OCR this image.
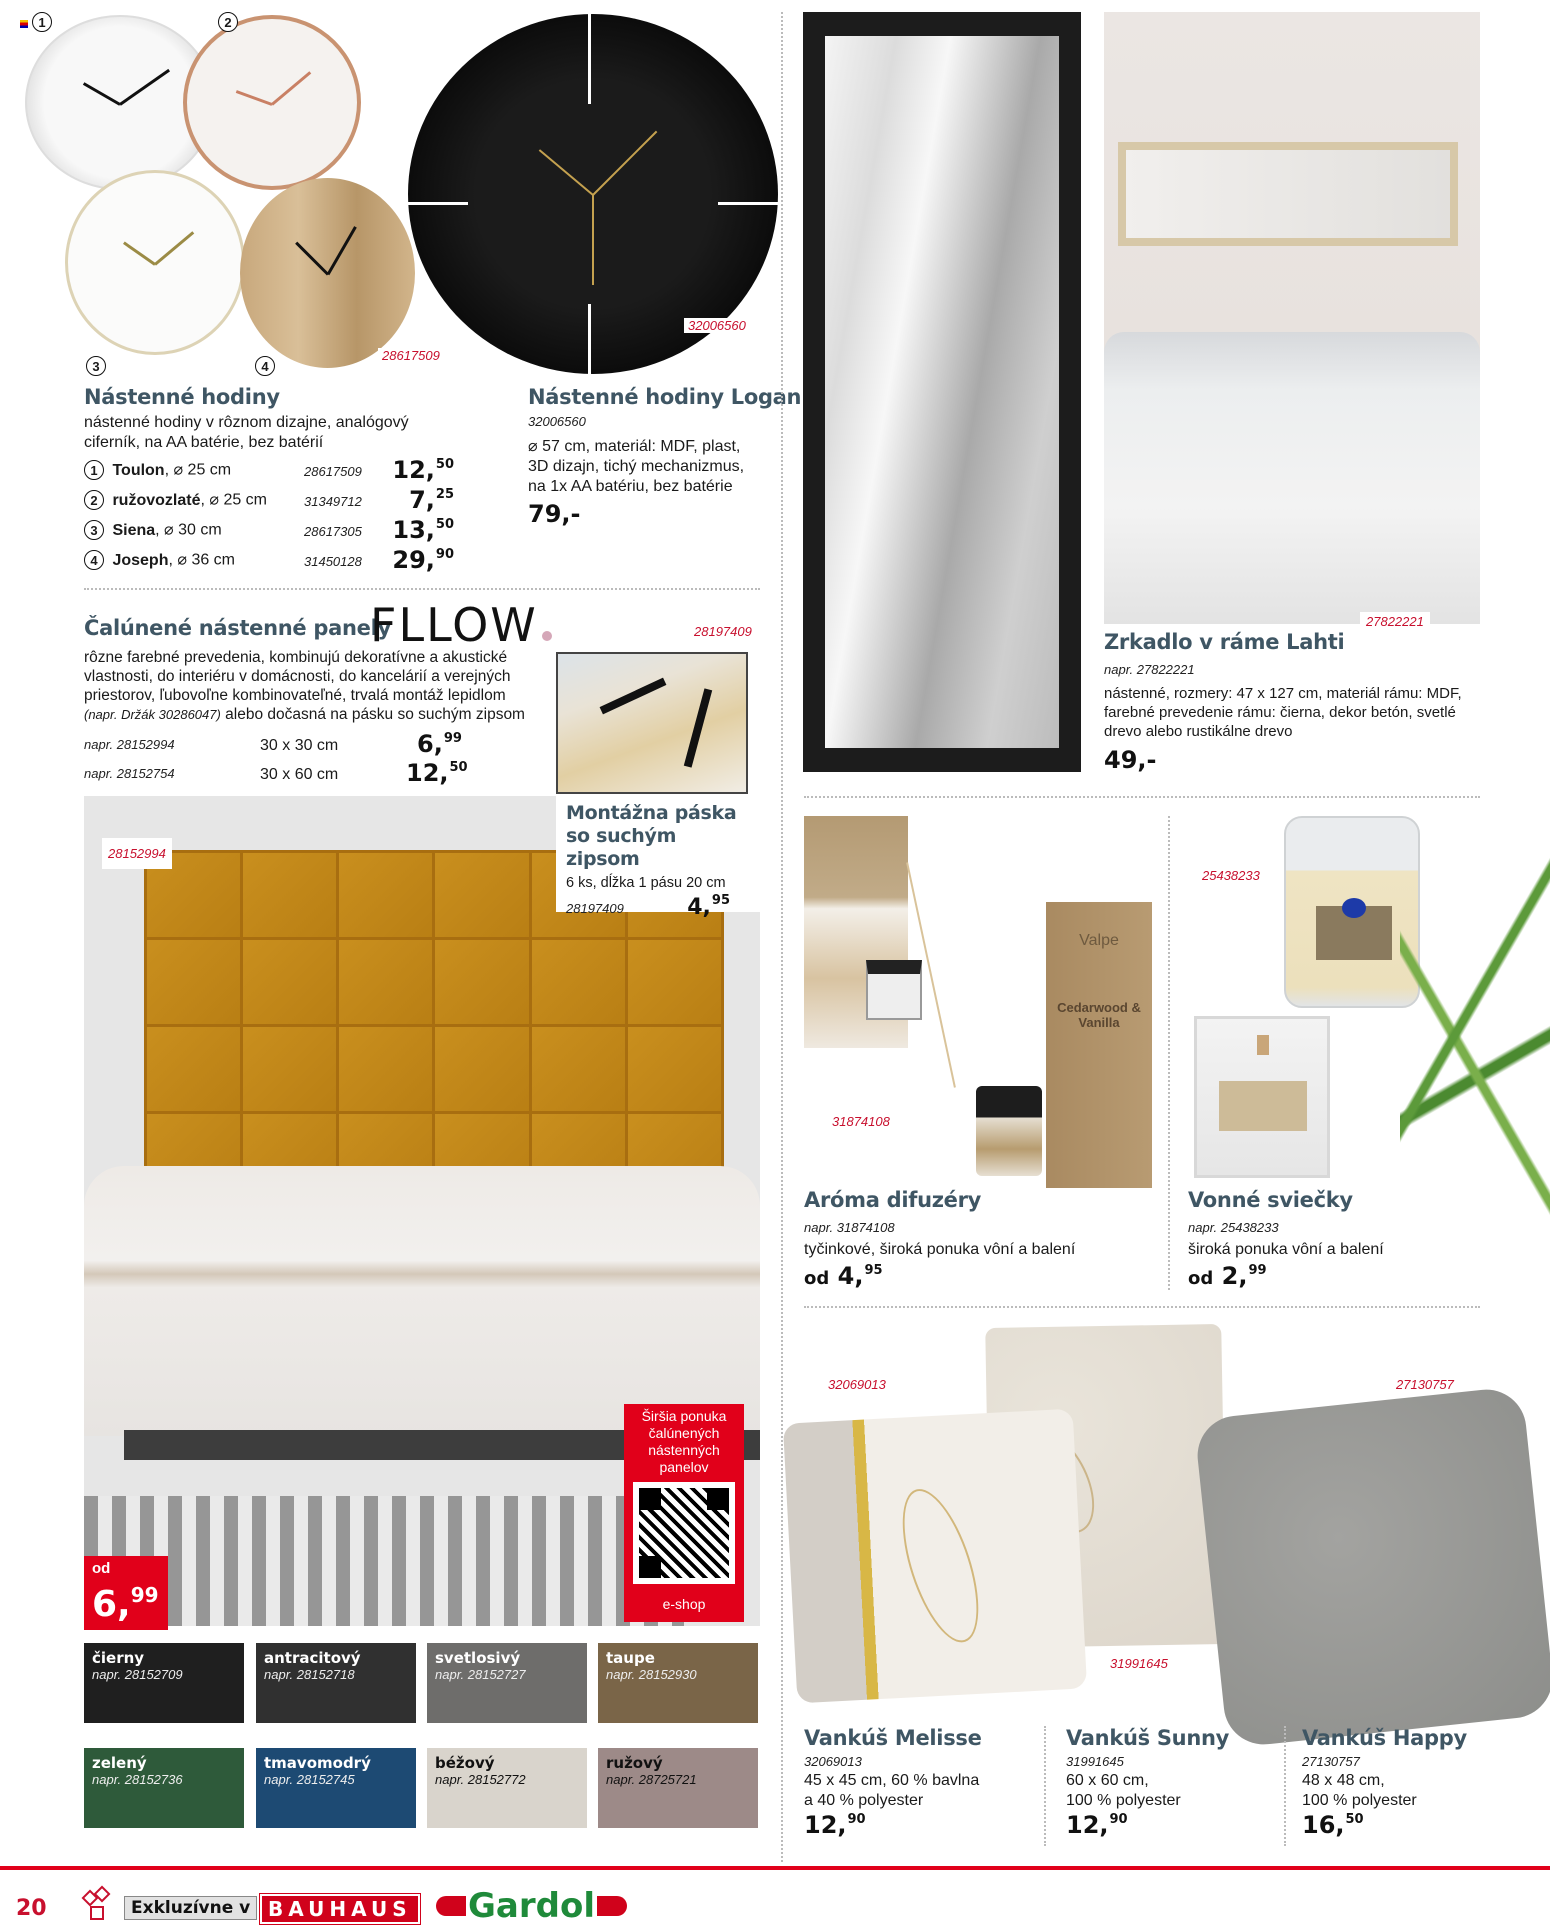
1	2
3	4
28617509
32006560
Nástenné hodiny
nástenné hodiny v rôznom dizajne, analógový ciferník, na AA batérie, bez batérií
1 Toulon, ⌀ 25 cm	28617509 12,50
2 ružovozlaté, ⌀ 25 cm	31349712 7,25
3 Siena, ⌀ 30 cm	28617305 13,50
4 Joseph, ⌀ 36 cm	31450128 29,90
Nástenné hodiny Logan
32006560
⌀ 57 cm, materiál: MDF, plast,
3D dizajn, tichý mechanizmus,
na 1x AA batériu, bez batérie
79,-
Čalúnené nástenné panely
FLLOW	28197409
rôzne farebné prevedenia, kombinujú dekoratívne a akustické
vlastnosti, do interiéru v domácnosti, do kancelárií a verejných
priestorov, ľubovoľne kombinovateľné, trvalá montáž lepidlom
(napr. Držák 30286047) alebo dočasná na pásku so suchým zipsom
napr. 28152994	30 x 30 cm	6,99
napr. 28152754	30 x 60 cm	12,50
28152994
Montážna páska
so suchým zipsom
6 ks, dĺžka 1 pásu 20 cm
28197409	4,95
od
6,99
Širšia ponuka
čalúnených
nástenných
panelov
e-shop
čierny
napr. 28152709
antracitový
napr. 28152718
svetlosivý
napr. 28152727
taupe
napr. 28152930
zelený
napr. 28152736
tmavomodrý
napr. 28152745
béžový
napr. 28152772
ružový
napr. 28725721
27822221
Zrkadlo v ráme Lahti
napr. 27822221
nástenné, rozmery: 47 x 127 cm, materiál rámu: MDF,
farebné prevedenie rámu: čierna, dekor betón, svetlé
drevo alebo rustikálne drevo
49,-
Valpe
Cedarwood & Vanilla
31874108
Aróma difuzéry
napr. 31874108
tyčinkové, široká ponuka vôní a balení
od 4,95
25438233
Vonné sviečky
napr. 25438233
široká ponuka vôní a balení
od 2,99
32069013
31991645
27130757
Vankúš Melisse
32069013
45 x 45 cm, 60 % bavlna
a 40 % polyester
12,90
Vankúš Sunny
31991645
60 x 60 cm,
100 % polyester
12,90
Vankúš Happy
27130757
48 x 48 cm,
100 % polyester
16,50
20	Exkluzívne v BAUHAUS Gardol
